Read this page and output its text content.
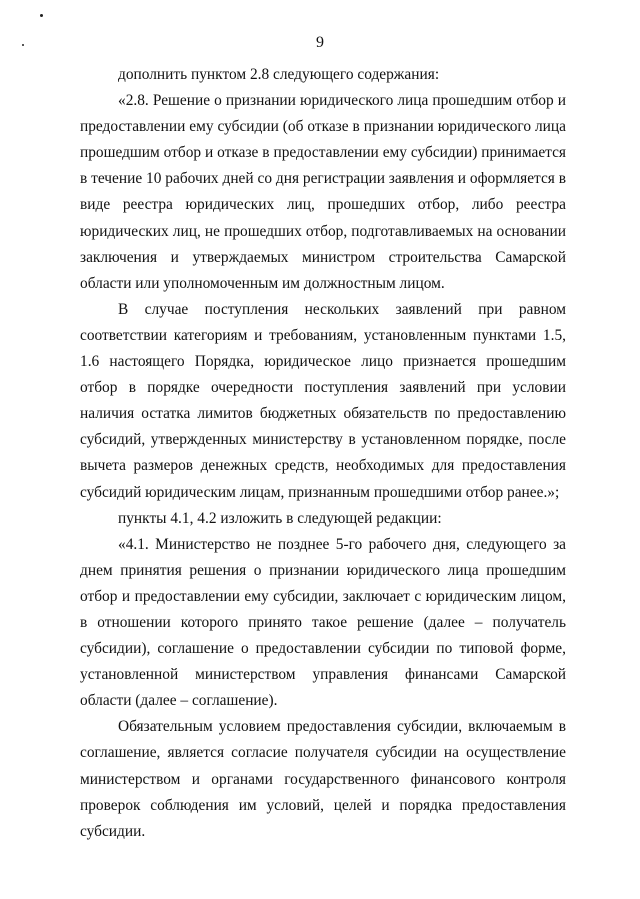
9

дополнить пунктом 2.8 следующего содержания:

«2.8. Решение о признании юридического лица прошедшим отбор и предоставлении ему субсидии (об отказе в признании юридического лица прошедшим отбор и отказе в предоставлении ему субсидии) принимается в течение 10 рабочих дней со дня регистрации заявления и оформляется в виде реестра юридических лиц, прошедших отбор, либо реестра юридических лиц, не прошедших отбор, подготавливаемых на основании заключения и утверждаемых министром строительства Самарской области или уполномоченным им должностным лицом.

В случае поступления нескольких заявлений при равном соответствии категориям и требованиям, установленным пунктами 1.5, 1.6 настоящего Порядка, юридическое лицо признается прошедшим отбор в порядке очередности поступления заявлений при условии наличия остатка лимитов бюджетных обязательств по предоставлению субсидий, утвержденных министерству в установленном порядке, после вычета размеров денежных средств, необходимых для предоставления субсидий юридическим лицам, признанным прошедшими отбор ранее.»;

пункты 4.1, 4.2 изложить в следующей редакции:

«4.1. Министерство не позднее 5-го рабочего дня, следующего за днем принятия решения о признании юридического лица прошедшим отбор и предоставлении ему субсидии, заключает с юридическим лицом, в отношении которого принято такое решение (далее – получатель субсидии), соглашение о предоставлении субсидии по типовой форме, установленной министерством управления финансами Самарской области (далее – соглашение).

Обязательным условием предоставления субсидии, включаемым в соглашение, является согласие получателя субсидии на осуществление министерством и органами государственного финансового контроля проверок соблюдения им условий, целей и порядка предоставления субсидии.
